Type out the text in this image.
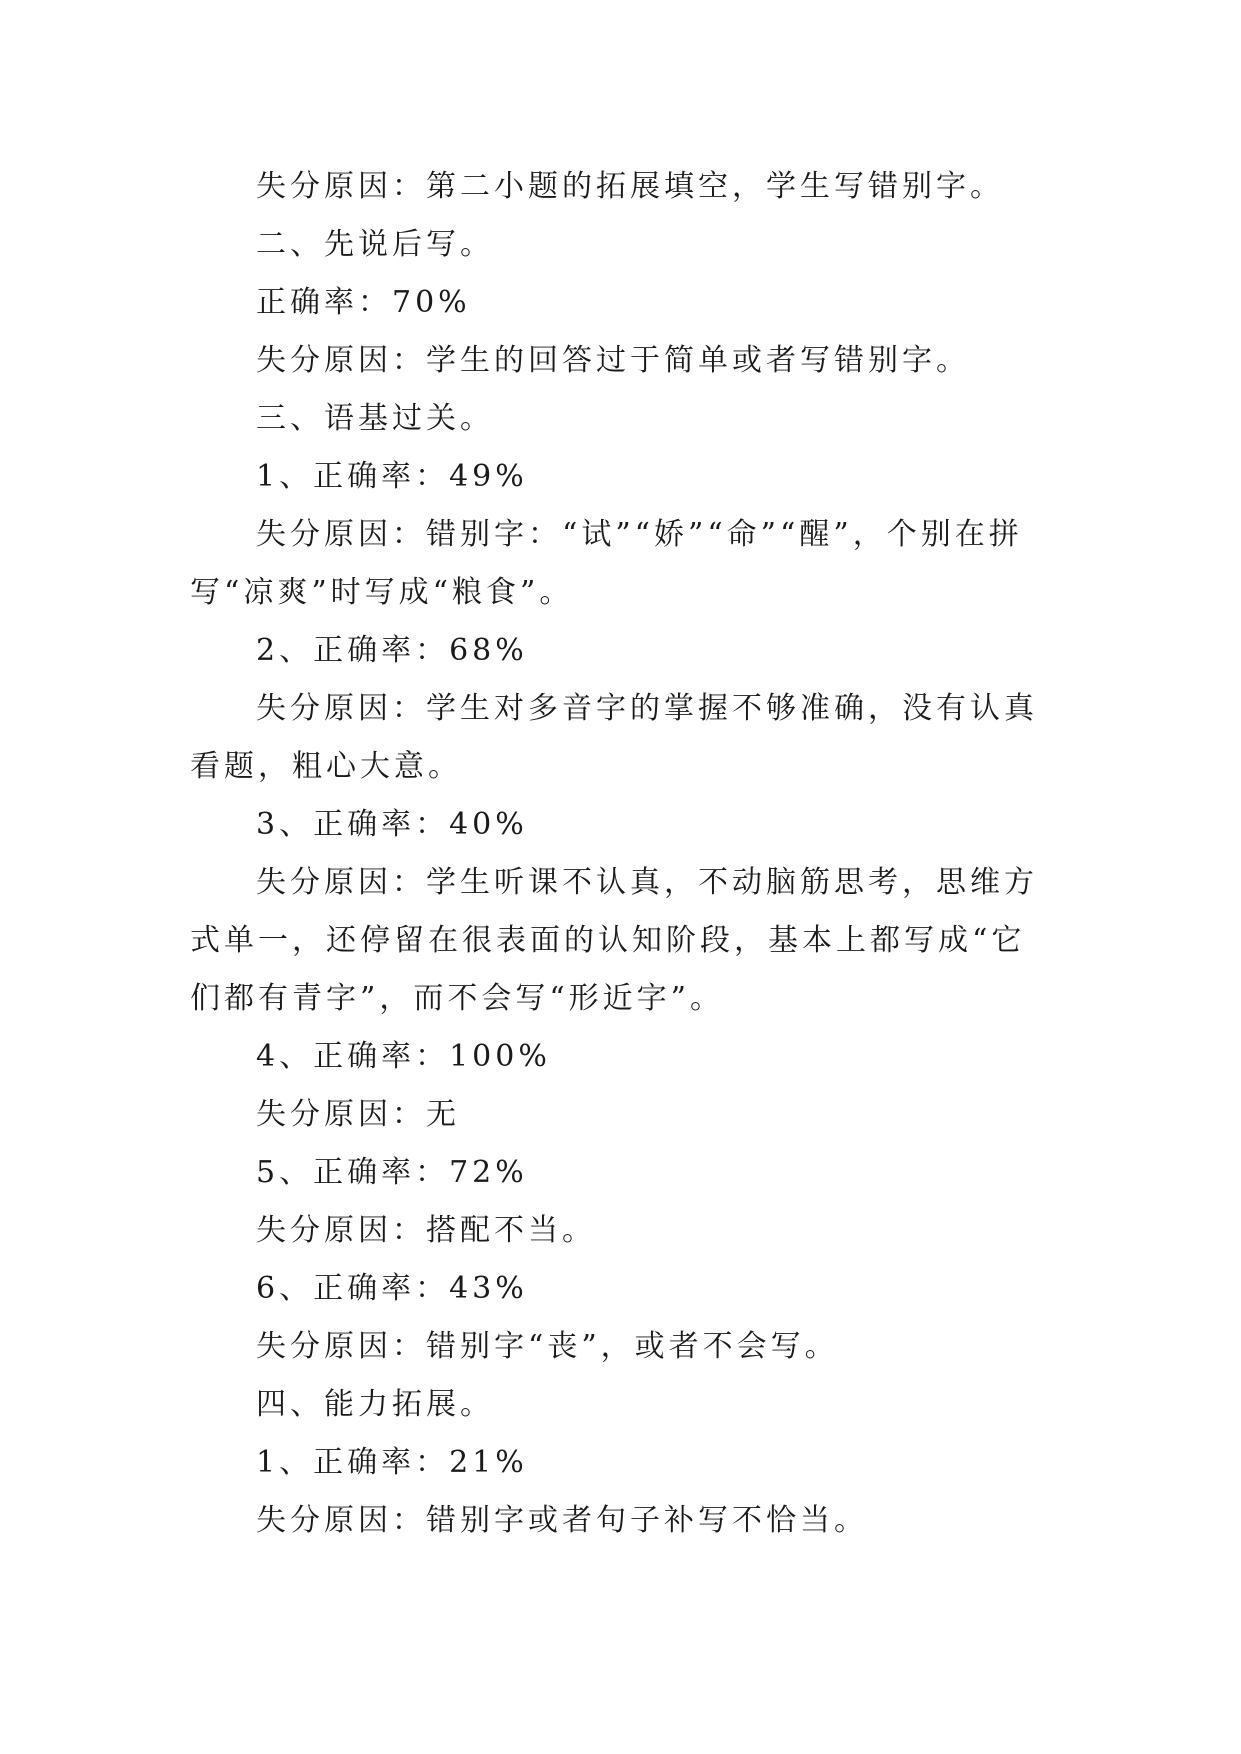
失分原因：第二小题的拓展填空，学生写错别字。

二、先说后写。

正确率：70%

失分原因：学生的回答过于简单或者写错别字。

三、语基过关。

1、正确率：49%

失分原因：错别字：“试”“娇”“命”“醒”，个别在拼写“凉爽”时写成“粮食”。

2、正确率：68%

失分原因：学生对多音字的掌握不够准确，没有认真看题，粗心大意。

3、正确率：40%

失分原因：学生听课不认真，不动脑筋思考，思维方式单一，还停留在很表面的认知阶段，基本上都写成“它们都有青字”，而不会写“形近字”。

4、正确率：100%

失分原因：无

5、正确率：72%

失分原因：搭配不当。

6、正确率：43%

失分原因：错别字“丧”，或者不会写。

四、能力拓展。

1、正确率：21%

失分原因：错别字或者句子补写不恰当。
